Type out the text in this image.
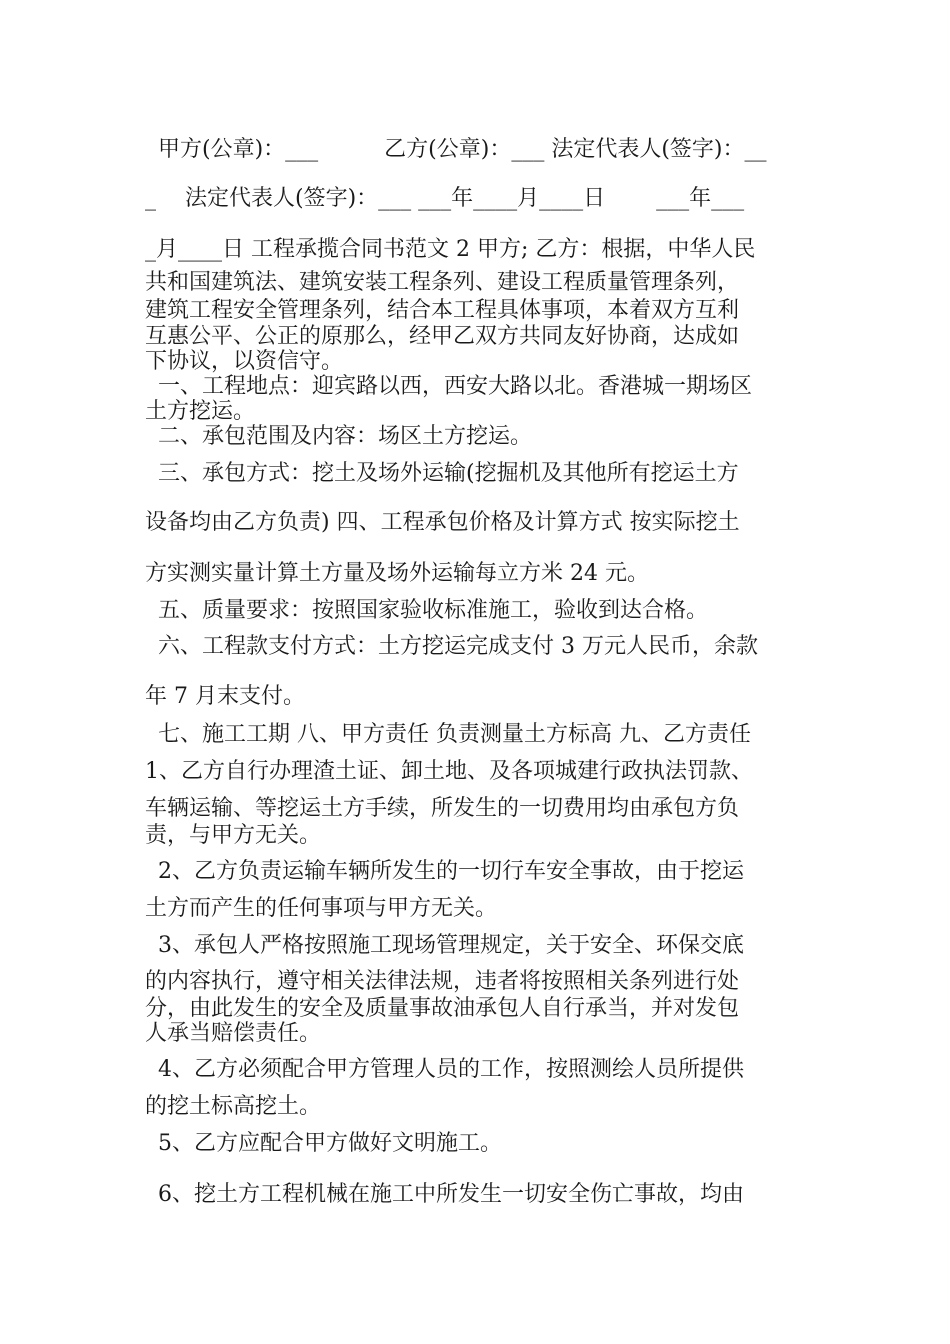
甲方(公章)：___　　　乙方(公章)：___ 法定代表人(签字)：__
_　 法定代表人(签字)：___ ___年____月____日　　 ___年___
_月____日 工程承揽合同书范文 2 甲方; 乙方：根据，中华人民
共和国建筑法、建筑安装工程条列、建设工程质量管理条列，
建筑工程安全管理条列，结合本工程具体事项，本着双方互利
互惠公平、公正的原那么，经甲乙双方共同友好协商，达成如
下协议，以资信守。
一、工程地点：迎宾路以西，西安大路以北。香港城一期场区
土方挖运。
二、承包范围及内容：场区土方挖运。
三、承包方式：挖土及场外运输(挖掘机及其他所有挖运土方
设备均由乙方负责) 四、工程承包价格及计算方式 按实际挖土
方实测实量计算土方量及场外运输每立方米 24 元。
五、质量要求：按照国家验收标准施工，验收到达合格。
六、工程款支付方式：土方挖运完成支付 3 万元人民币，余款
年 7 月末支付。
七、施工工期 八、甲方责任 负责测量土方标高 九、乙方责任
1、乙方自行办理渣土证、卸土地、及各项城建行政执法罚款、
车辆运输、等挖运土方手续，所发生的一切费用均由承包方负
责，与甲方无关。
2、乙方负责运输车辆所发生的一切行车安全事故，由于挖运
土方而产生的任何事项与甲方无关。
3、承包人严格按照施工现场管理规定，关于安全、环保交底
的内容执行，遵守相关法律法规，违者将按照相关条列进行处
分，由此发生的安全及质量事故油承包人自行承当，并对发包
人承当赔偿责任。
4、乙方必须配合甲方管理人员的工作，按照测绘人员所提供
的挖土标高挖土。
5、乙方应配合甲方做好文明施工。
6、挖土方工程机械在施工中所发生一切安全伤亡事故，均由
